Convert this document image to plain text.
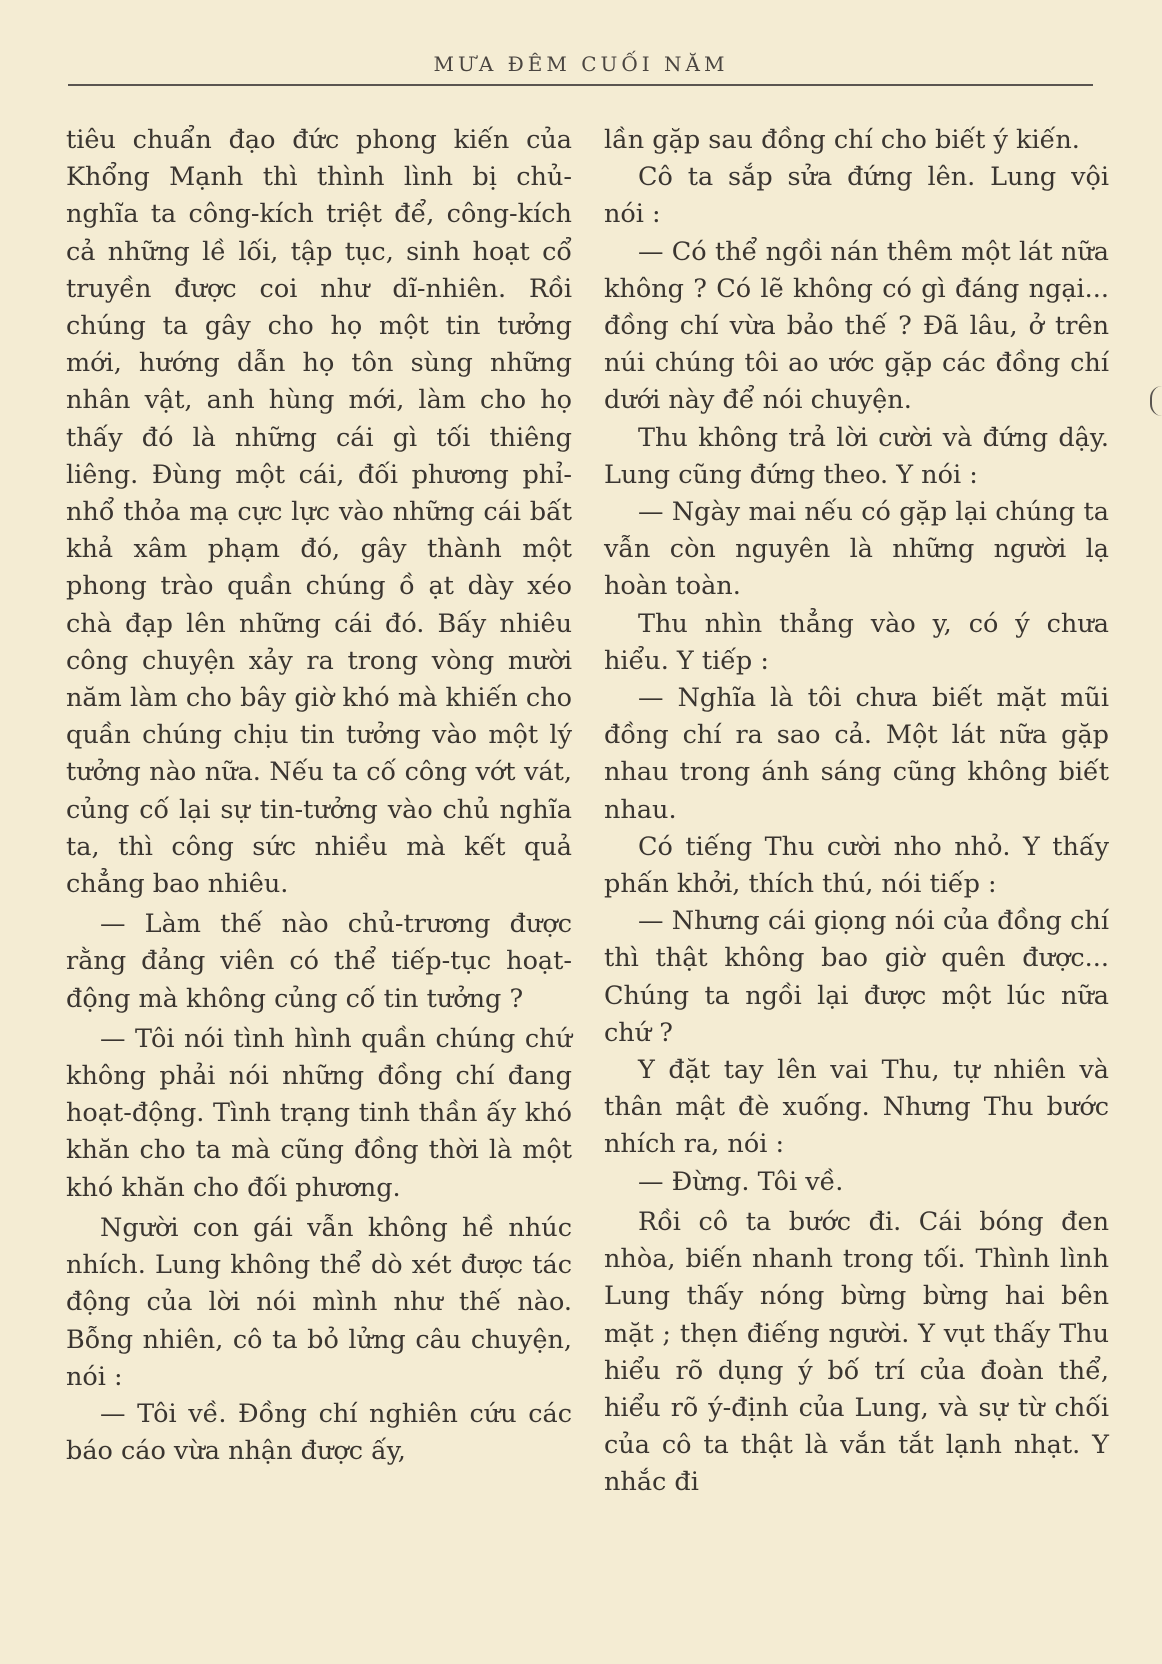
MƯA ĐÊM CUỐI NĂM

tiêu chuẩn đạo đức phong kiến của Khổng Mạnh thì thình lình bị chủ-nghĩa ta công-kích triệt để, công-kích cả những lề lối, tập tục, sinh hoạt cổ truyền được coi như dĩ-nhiên. Rồi chúng ta gây cho họ một tin tưởng mới, hướng dẫn họ tôn sùng những nhân vật, anh hùng mới, làm cho họ thấy đó là những cái gì tối thiêng liêng. Đùng một cái, đối phương phỉ-nhổ thỏa mạ cực lực vào những cái bất khả xâm phạm đó, gây thành một phong trào quần chúng ồ ạt dày xéo chà đạp lên những cái đó. Bấy nhiêu công chuyện xảy ra trong vòng mười năm làm cho bây giờ khó mà khiến cho quần chúng chịu tin tưởng vào một lý tưởng nào nữa. Nếu ta cố công vớt vát, củng cố lại sự tin-tưởng vào chủ nghĩa ta, thì công sức nhiều mà kết quả chẳng bao nhiêu.

— Làm thế nào chủ-trương được rằng đảng viên có thể tiếp-tục hoạt-động mà không củng cố tin tưởng ?

— Tôi nói tình hình quần chúng chứ không phải nói những đồng chí đang hoạt-động. Tình trạng tinh thần ấy khó khăn cho ta mà cũng đồng thời là một khó khăn cho đối phương.

Người con gái vẫn không hề nhúc nhích. Lung không thể dò xét được tác động của lời nói mình như thế nào. Bỗng nhiên, cô ta bỏ lửng câu chuyện, nói :

— Tôi về. Đồng chí nghiên cứu các báo cáo vừa nhận được ấy,

lần gặp sau đồng chí cho biết ý kiến.

Cô ta sắp sửa đứng lên. Lung vội nói :

— Có thể ngồi nán thêm một lát nữa không ? Có lẽ không có gì đáng ngại... đồng chí vừa bảo thế ? Đã lâu, ở trên núi chúng tôi ao ước gặp các đồng chí dưới này để nói chuyện.

Thu không trả lời cười và đứng dậy. Lung cũng đứng theo. Y nói :

— Ngày mai nếu có gặp lại chúng ta vẫn còn nguyên là những người lạ hoàn toàn.

Thu nhìn thẳng vào y, có ý chưa hiểu. Y tiếp :

— Nghĩa là tôi chưa biết mặt mũi đồng chí ra sao cả. Một lát nữa gặp nhau trong ánh sáng cũng không biết nhau.

Có tiếng Thu cười nho nhỏ. Y thấy phấn khởi, thích thú, nói tiếp :

— Nhưng cái giọng nói của đồng chí thì thật không bao giờ quên được... Chúng ta ngồi lại được một lúc nữa chứ ?

Y đặt tay lên vai Thu, tự nhiên và thân mật đè xuống. Nhưng Thu bước nhích ra, nói :

— Đừng. Tôi về.

Rồi cô ta bước đi. Cái bóng đen nhòa, biến nhanh trong tối. Thình lình Lung thấy nóng bừng bừng hai bên mặt ; thẹn điếng người. Y vụt thấy Thu hiểu rõ dụng ý bố trí của đoàn thể, hiểu rõ ý-định của Lung, và sự từ chối của cô ta thật là vắn tắt lạnh nhạt. Y nhắc đi
